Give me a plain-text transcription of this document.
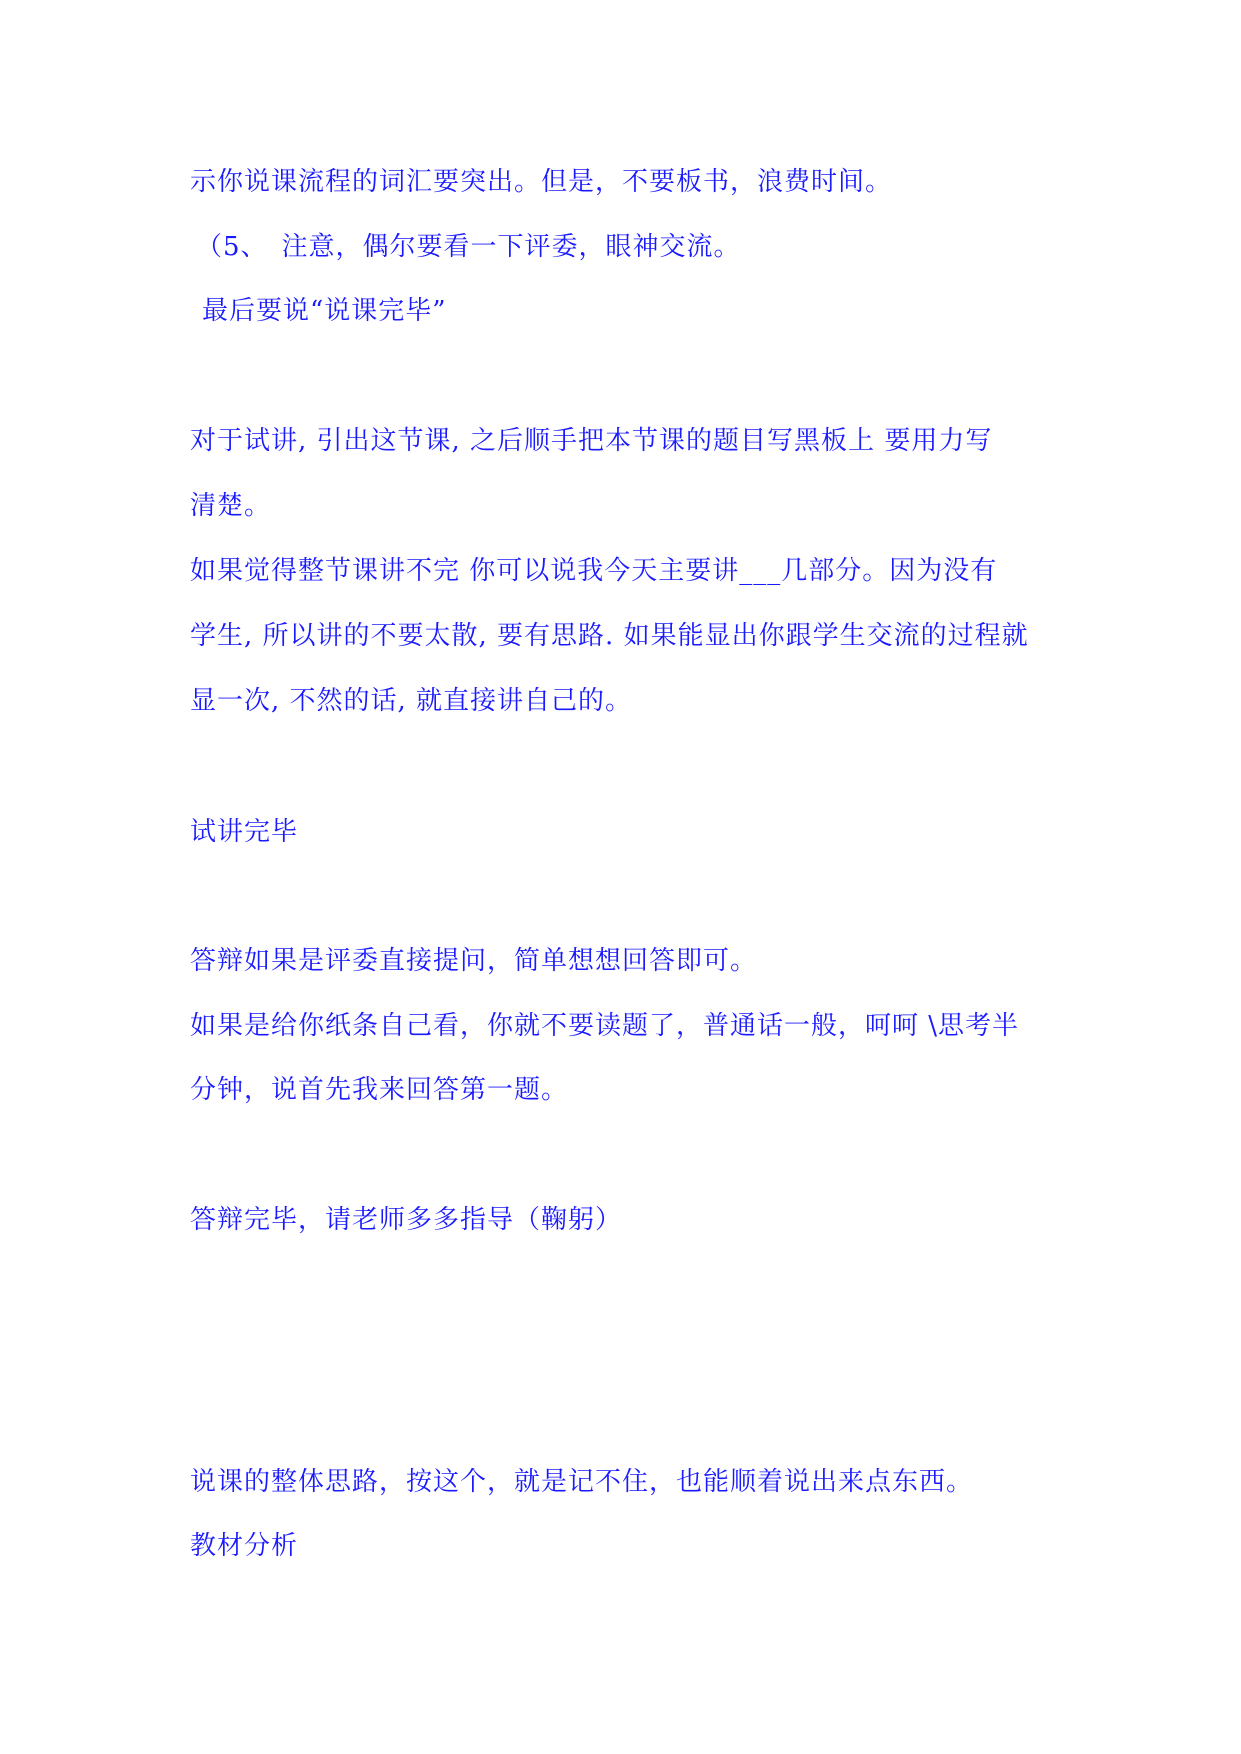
示你说课流程的词汇要突出。但是，不要板书，浪费时间。
（5、　注意，偶尔要看一下评委，眼神交流。
最后要说“说课完毕”
对于试讲, 引出这节课, 之后顺手把本节课的题目写黑板上 要用力写
清楚。
如果觉得整节课讲不完 你可以说我今天主要讲___几部分。因为没有
学生, 所以讲的不要太散, 要有思路. 如果能显出你跟学生交流的过程就
显一次, 不然的话, 就直接讲自己的。
试讲完毕
答辩如果是评委直接提问，简单想想回答即可。
如果是给你纸条自己看，你就不要读题了，普通话一般，呵呵 \思考半
分钟，说首先我来回答第一题。
答辩完毕，请老师多多指导（鞠躬）
说课的整体思路，按这个，就是记不住，也能顺着说出来点东西。
教材分析
